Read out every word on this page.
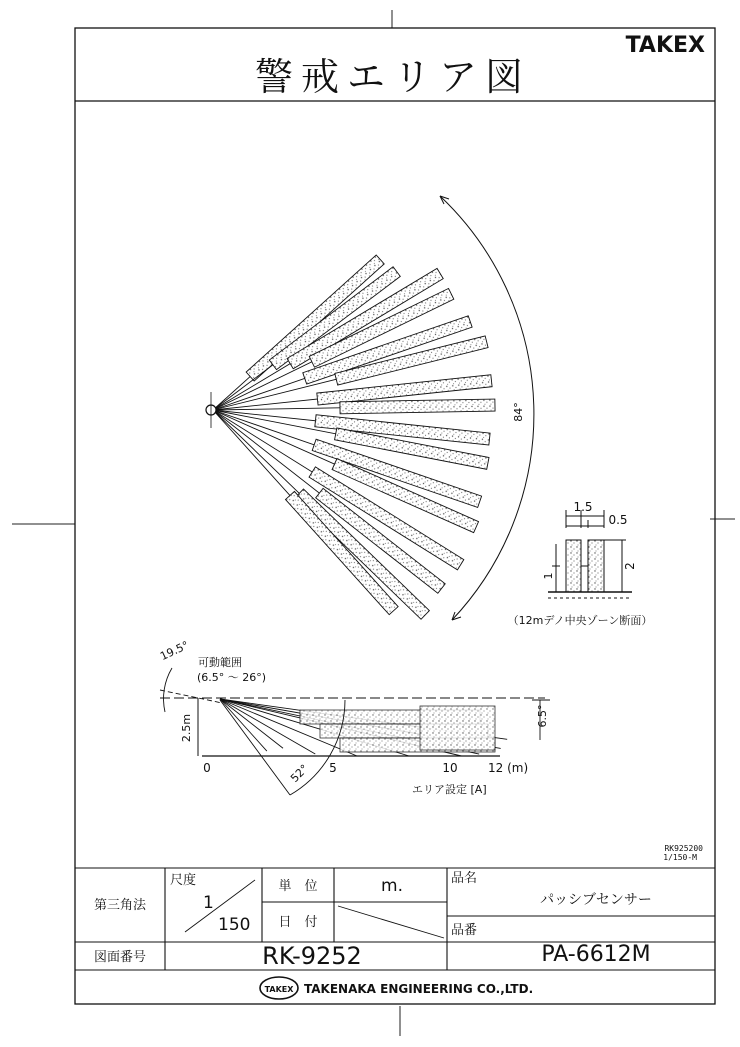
警戒エリア図
TAKEX
84°
1.5
0.5
2
1
（12mデノ中央ゾーン断面）
19.5° 可動範囲
(6.5° ～ 26°)
2.5m	6.5°
52°
0	5	10	12 (m)
エリア設定 [A]
RK925200
1/150-M
第三角法
尺度
1
150
単　位	m.
日　付
品名
パッシブセンサー
品番
PA-6612M
図面番号	RK-9252
TAKEX TAKENAKA ENGINEERING CO.,LTD.
